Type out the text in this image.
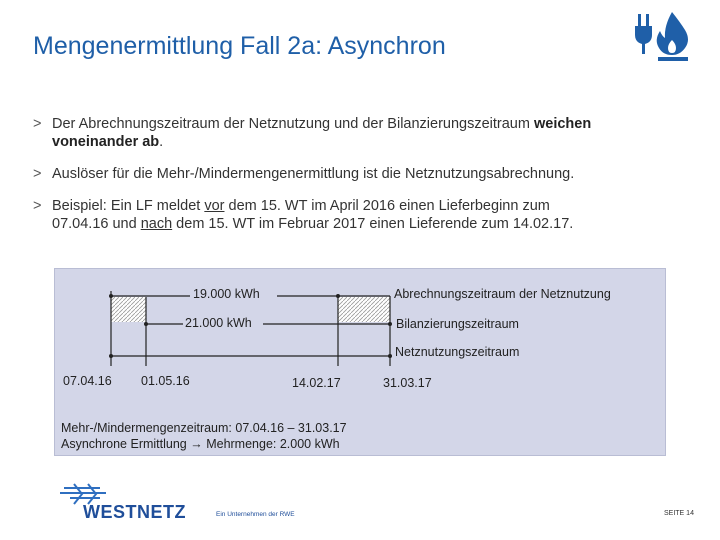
Mengenermittlung Fall 2a: Asynchron
> Der Abrechnungszeitraum der Netznutzung und der Bilanzierungszeitraum weichen
voneinander ab.
> Auslöser für die Mehr-/Mindermengenermittlung ist die Netznutzungsabrechnung.
> Beispiel: Ein LF meldet vor dem 15. WT im April 2016 einen Lieferbeginn zum
07.04.16 und nach dem 15. WT im Februar 2017 einen Lieferende zum 14.02.17.
19.000 kWh
21.000 kWh
Abrechnungszeitraum der Netznutzung
Bilanzierungszeitraum
Netznutzungszeitraum
07.04.16 01.05.16	14.02.17	31.03.17
Mehr-/Mindermengenzeitraum: 07.04.16 – 31.03.17
Asynchrone Ermittlung → Mehrmenge: 2.000 kWh
WESTNETZ	Ein Unternehmen der RWE	SEITE 14
